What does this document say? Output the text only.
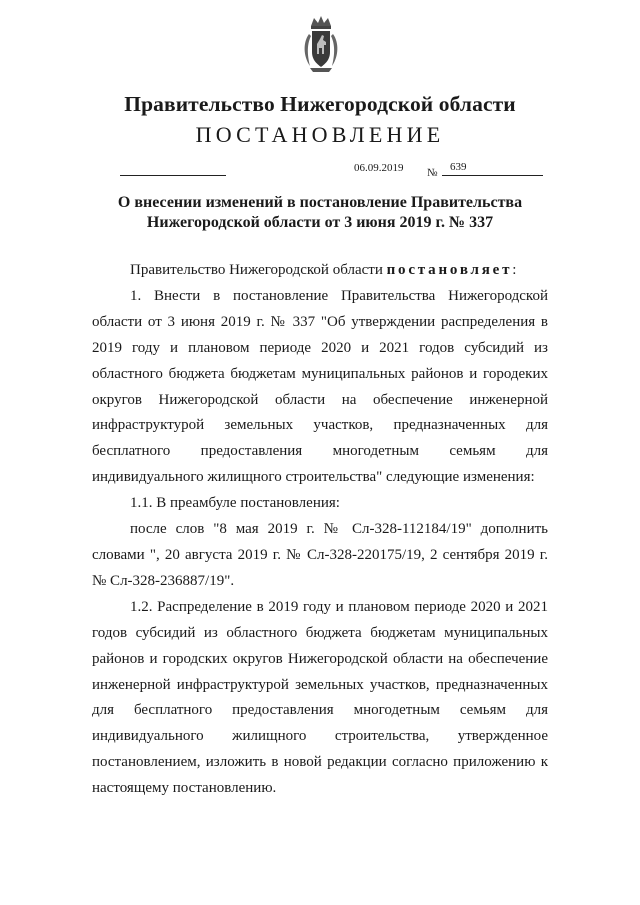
Правительство Нижегородской области
ПОСТАНОВЛЕНИЕ
06.09.2019 № 639
О внесении изменений в постановление Правительства
Нижегородской области от 3 июня 2019 г. № 337

Правительство Нижегородской области постановляет:

1. Внести в постановление Правительства Нижегородской области от 3 июня 2019 г. № 337 "Об утверждении распределения в 2019 году и плановом периоде 2020 и 2021 годов субсидий из областного бюджета бюджетам муниципальных районов и городеких округов Нижегородской области на обеспечение инженерной инфраструктурой земельных участков, предназначенных для бесплатного предоставления многодетным семьям для индивидуального жилищного строительства" следующие изменения:

1.1. В преамбуле постановления:

после слов "8 мая 2019 г. № Сл-328-112184/19" дополнить словами ", 20 августа 2019 г. № Сл-328-220175/19, 2 сентября 2019 г. № Сл-328-236887/19".

1.2. Распределение в 2019 году и плановом периоде 2020 и 2021 годов субсидий из областного бюджета бюджетам муниципальных районов и городских округов Нижегородской области на обеспечение инженерной инфраструктурой земельных участков, предназначенных для бесплатного предоставления многодетным семьям для индивидуального жилищного строительства, утвержденное постановлением, изложить в новой редакции согласно приложению к настоящему постановлению.
